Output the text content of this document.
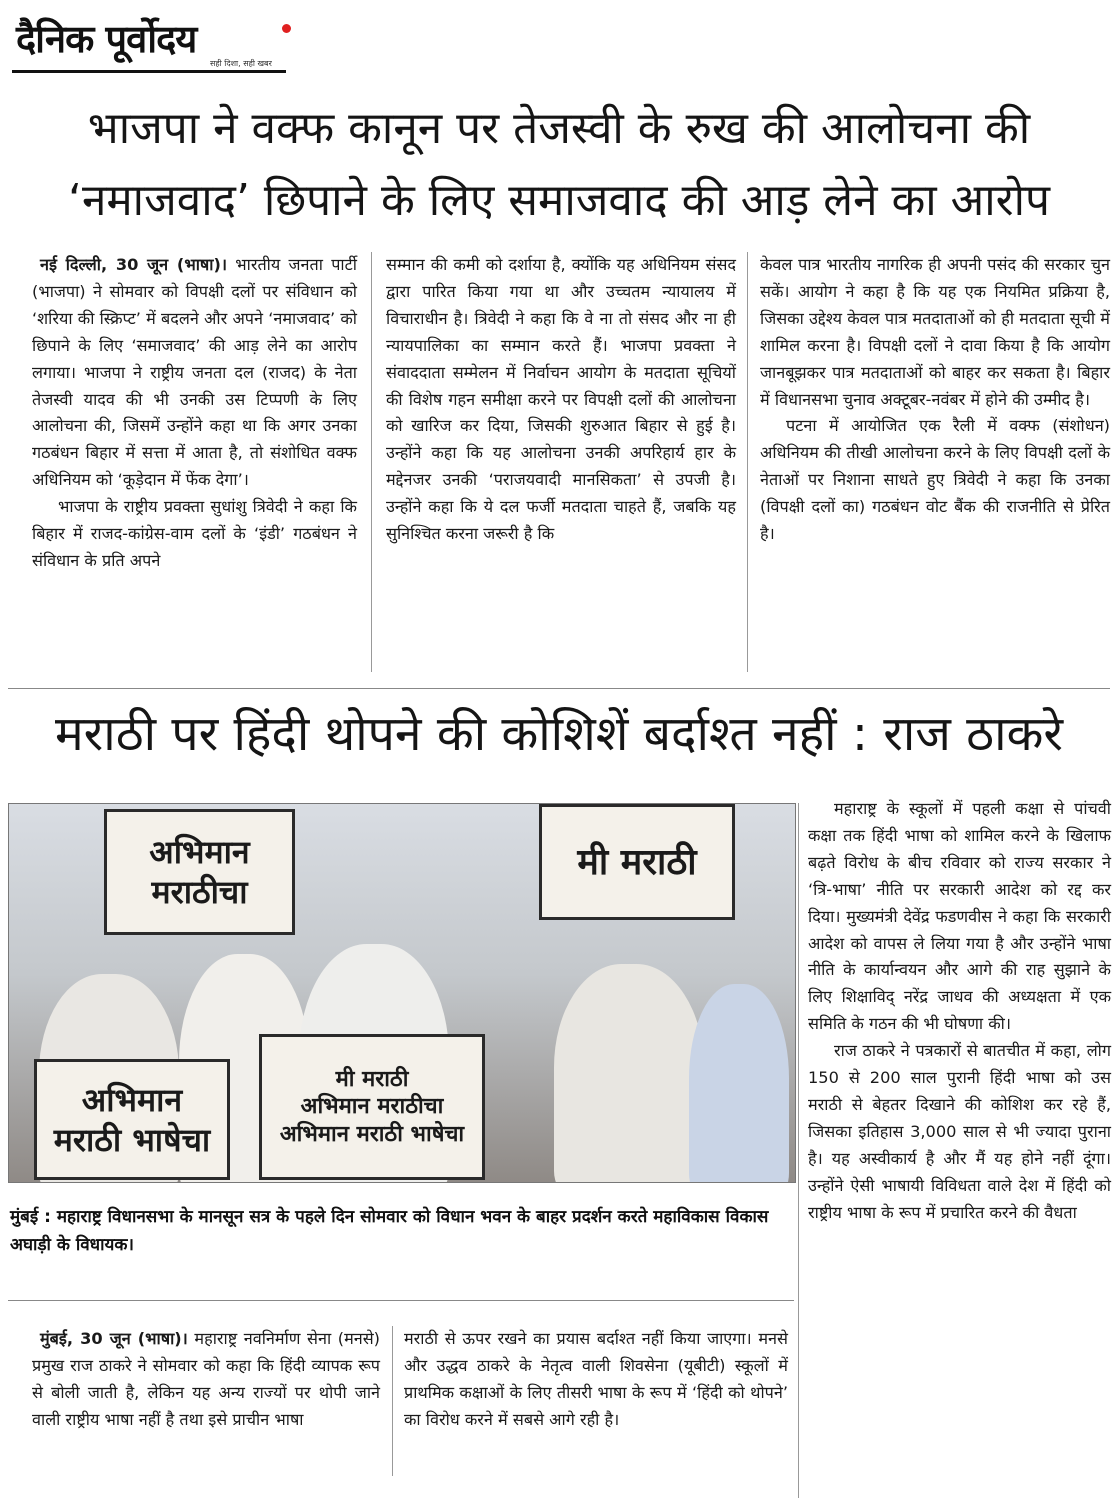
दैनिक पूर्वोदय
सही दिशा, सही खबर
भाजपा ने वक्फ कानून पर तेजस्वी के रुख की आलोचना की
‘नमाजवाद’ छिपाने के लिए समाजवाद की आड़ लेने का आरोप

नई दिल्ली, 30 जून (भाषा)। भारतीय जनता पार्टी (भाजपा) ने सोमवार को विपक्षी दलों पर संविधान को ‘शरिया की स्क्रिप्ट’ में बदलने और अपने ‘नमाजवाद’ को छिपाने के लिए ‘समाजवाद’ की आड़ लेने का आरोप लगाया। भाजपा ने राष्ट्रीय जनता दल (राजद) के नेता तेजस्वी यादव की भी उनकी उस टिप्पणी के लिए आलोचना की, जिसमें उन्होंने कहा था कि अगर उनका गठबंधन बिहार में सत्ता में आता है, तो संशोधित वक्फ अधिनियम को ‘कूड़ेदान में फेंक देगा’।

भाजपा के राष्ट्रीय प्रवक्ता सुधांशु त्रिवेदी ने कहा कि बिहार में राजद-कांग्रेस-वाम दलों के ‘इंडी’ गठबंधन ने संविधान के प्रति अपने

सम्मान की कमी को दर्शाया है, क्योंकि यह अधिनियम संसद द्वारा पारित किया गया था और उच्चतम न्यायालय में विचाराधीन है। त्रिवेदी ने कहा कि वे ना तो संसद और ना ही न्यायपालिका का सम्मान करते हैं। भाजपा प्रवक्ता ने संवाददाता सम्मेलन में निर्वाचन आयोग के मतदाता सूचियों की विशेष गहन समीक्षा करने पर विपक्षी दलों की आलोचना को खारिज कर दिया, जिसकी शुरुआत बिहार से हुई है। उन्होंने कहा कि यह आलोचना उनकी अपरिहार्य हार के मद्देनजर उनकी ‘पराजयवादी मानसिकता’ से उपजी है। उन्होंने कहा कि ये दल फर्जी मतदाता चाहते हैं, जबकि यह सुनिश्चित करना जरूरी है कि

केवल पात्र भारतीय नागरिक ही अपनी पसंद की सरकार चुन सकें। आयोग ने कहा है कि यह एक नियमित प्रक्रिया है, जिसका उद्देश्य केवल पात्र मतदाताओं को ही मतदाता सूची में शामिल करना है। विपक्षी दलों ने दावा किया है कि आयोग जानबूझकर पात्र मतदाताओं को बाहर कर सकता है। बिहार में विधानसभा चुनाव अक्टूबर-नवंबर में होने की उम्मीद है।

पटना में आयोजित एक रैली में वक्फ (संशोधन) अधिनियम की तीखी आलोचना करने के लिए विपक्षी दलों के नेताओं पर निशाना साधते हुए त्रिवेदी ने कहा कि उनका (विपक्षी दलों का) गठबंधन वोट बैंक की राजनीति से प्रेरित है।

मराठी पर हिंदी थोपने की कोशिशें बर्दाश्त नहीं : राज ठाकरे
अभिमान
मराठीचा
मी मराठी
अभिमान
मराठी भाषेचा
मी मराठी
अभिमान मराठीचा
अभिमान मराठी भाषेचा
मुंबई : महाराष्ट्र विधानसभा के मानसून सत्र के पहले दिन सोमवार को विधान भवन के बाहर प्रदर्शन करते महाविकास विकास अघाड़ी के विधायक।

महाराष्ट्र के स्कूलों में पहली कक्षा से पांचवी कक्षा तक हिंदी भाषा को शामिल करने के खिलाफ बढ़ते विरोध के बीच रविवार को राज्य सरकार ने ‘त्रि-भाषा’ नीति पर सरकारी आदेश को रद्द कर दिया। मुख्यमंत्री देवेंद्र फडणवीस ने कहा कि सरकारी आदेश को वापस ले लिया गया है और उन्होंने भाषा नीति के कार्यान्वयन और आगे की राह सुझाने के लिए शिक्षाविद् नरेंद्र जाधव की अध्यक्षता में एक समिति के गठन की भी घोषणा की।

राज ठाकरे ने पत्रकारों से बातचीत में कहा, लोग 150 से 200 साल पुरानी हिंदी भाषा को उस मराठी से बेहतर दिखाने की कोशिश कर रहे हैं, जिसका इतिहास 3,000 साल से भी ज्यादा पुराना है। यह अस्वीकार्य है और मैं यह होने नहीं दूंगा। उन्होंने ऐसी भाषायी विविधता वाले देश में हिंदी को राष्ट्रीय भाषा के रूप में प्रचारित करने की वैधता

मुंबई, 30 जून (भाषा)। महाराष्ट्र नवनिर्माण सेना (मनसे) प्रमुख राज ठाकरे ने सोमवार को कहा कि हिंदी व्यापक रूप से बोली जाती है, लेकिन यह अन्य राज्यों पर थोपी जाने वाली राष्ट्रीय भाषा नहीं है तथा इसे प्राचीन भाषा

मराठी से ऊपर रखने का प्रयास बर्दाश्त नहीं किया जाएगा। मनसे और उद्धव ठाकरे के नेतृत्व वाली शिवसेना (यूबीटी) स्कूलों में प्राथमिक कक्षाओं के लिए तीसरी भाषा के रूप में ‘हिंदी को थोपने’ का विरोध करने में सबसे आगे रही है।
